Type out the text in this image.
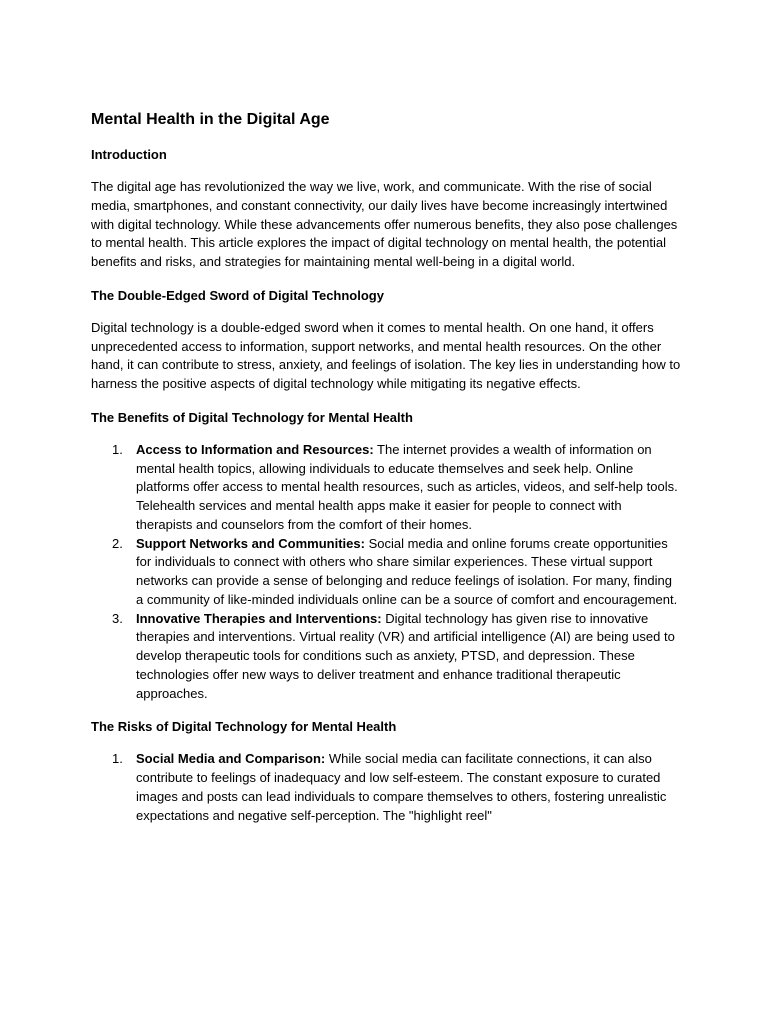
Mental Health in the Digital Age
Introduction

The digital age has revolutionized the way we live, work, and communicate. With the rise of social media, smartphones, and constant connectivity, our daily lives have become increasingly intertwined with digital technology. While these advancements offer numerous benefits, they also pose challenges to mental health. This article explores the impact of digital technology on mental health, the potential benefits and risks, and strategies for maintaining mental well-being in a digital world.

The Double-Edged Sword of Digital Technology

Digital technology is a double-edged sword when it comes to mental health. On one hand, it offers unprecedented access to information, support networks, and mental health resources. On the other hand, it can contribute to stress, anxiety, and feelings of isolation. The key lies in understanding how to harness the positive aspects of digital technology while mitigating its negative effects.

The Benefits of Digital Technology for Mental Health
1. Access to Information and Resources: The internet provides a wealth of information on mental health topics, allowing individuals to educate themselves and seek help. Online platforms offer access to mental health resources, such as articles, videos, and self-help tools. Telehealth services and mental health apps make it easier for people to connect with therapists and counselors from the comfort of their homes.
2. Support Networks and Communities: Social media and online forums create opportunities for individuals to connect with others who share similar experiences. These virtual support networks can provide a sense of belonging and reduce feelings of isolation. For many, finding a community of like-minded individuals online can be a source of comfort and encouragement.
3. Innovative Therapies and Interventions: Digital technology has given rise to innovative therapies and interventions. Virtual reality (VR) and artificial intelligence (AI) are being used to develop therapeutic tools for conditions such as anxiety, PTSD, and depression. These technologies offer new ways to deliver treatment and enhance traditional therapeutic approaches.
The Risks of Digital Technology for Mental Health
1. Social Media and Comparison: While social media can facilitate connections, it can also contribute to feelings of inadequacy and low self-esteem. The constant exposure to curated images and posts can lead individuals to compare themselves to others, fostering unrealistic expectations and negative self-perception. The "highlight reel"
